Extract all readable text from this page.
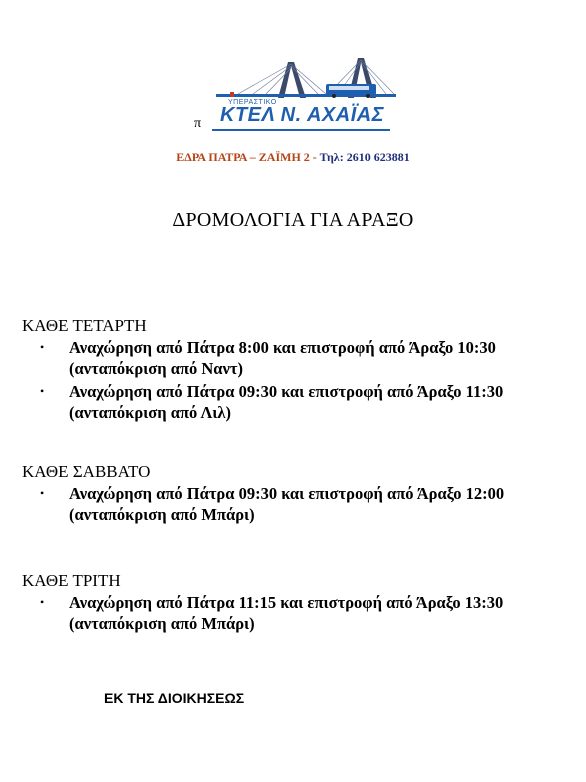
π
ΥΠΕΡΑΣΤΙΚΟ
ΚΤΕΛ Ν. ΑΧΑΪΑΣ
ΕΔΡΑ ΠΑΤΡΑ – ΖΑΪΜΗ 2 - Τηλ: 2610 623881
ΔΡΟΜΟΛΟΓΙΑ ΓΙΑ ΑΡΑΞΟ
ΚΑΘΕ ΤΕΤΑΡΤΗ
• Αναχώρηση από Πάτρα 8:00 και επιστροφή από Άραξο 10:30
(ανταπόκριση από Ναντ)
• Αναχώρηση από Πάτρα 09:30 και επιστροφή από Άραξο 11:30
(ανταπόκριση από Λιλ)
ΚΑΘΕ ΣΑΒΒΑΤΟ
• Αναχώρηση από Πάτρα 09:30 και επιστροφή από Άραξο 12:00
(ανταπόκριση από Μπάρι)
ΚΑΘΕ ΤΡΙΤΗ
• Αναχώρηση από Πάτρα 11:15 και επιστροφή από Άραξο 13:30
(ανταπόκριση από Μπάρι)
ΕΚ ΤΗΣ ΔΙΟΙΚΗΣΕΩΣ
